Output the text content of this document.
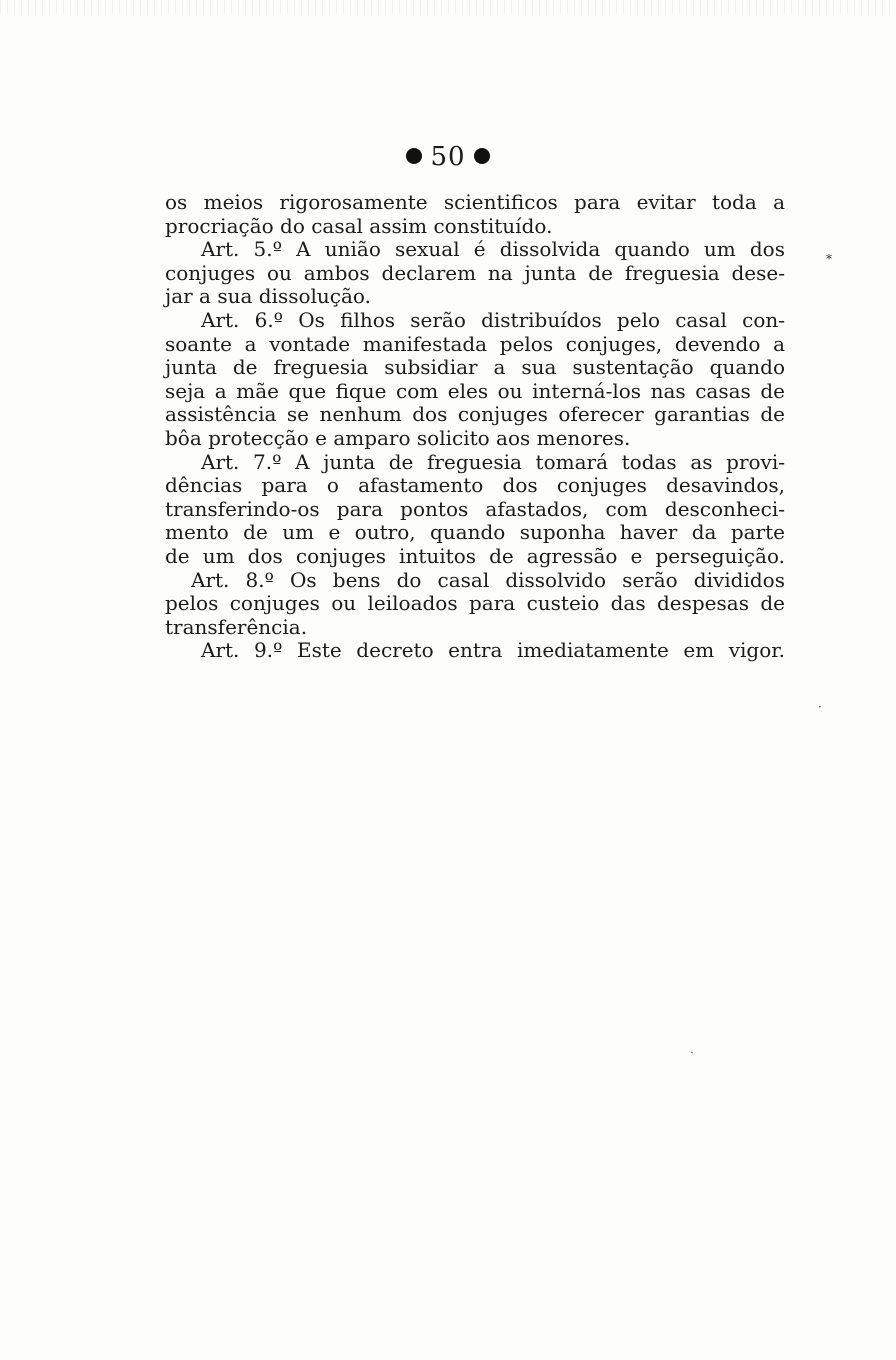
50
os meios rigorosamente scientificos para evitar toda a
procriação do casal assim constituído.
Art. 5.º A união sexual é dissolvida quando um dos
conjuges ou ambos declarem na junta de freguesia dese-
jar a sua dissolução.
Art. 6.º Os filhos serão distribuídos pelo casal con-
soante a vontade manifestada pelos conjuges, devendo a
junta de freguesia subsidiar a sua sustentação quando
seja a mãe que fique com eles ou interná-los nas casas de
assistência se nenhum dos conjuges oferecer garantias de
bôa protecção e amparo solicito aos menores.
Art. 7.º A junta de freguesia tomará todas as provi-
dências para o afastamento dos conjuges desavindos,
transferindo-os para pontos afastados, com desconheci-
mento de um e outro, quando suponha haver da parte
de um dos conjuges intuitos de agressão e perseguição.
Art. 8.º Os bens do casal dissolvido serão divididos
pelos conjuges ou leiloados para custeio das despesas de
transferência.
Art. 9.º Este decreto entra imediatamente em vigor.
⁎
·
ˏ
